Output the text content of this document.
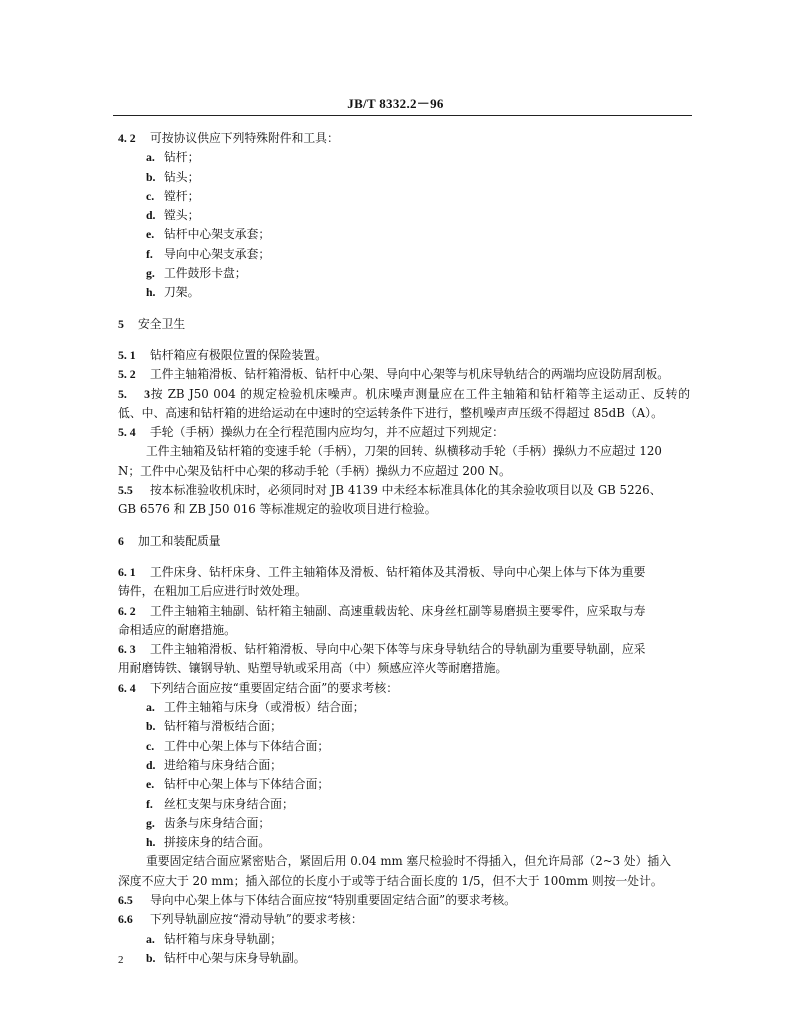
JB/T 8332.2－96
4. 2 可按协议供应下列特殊附件和工具：
a. 钻杆；
b. 钻头；
c. 镗杆；
d. 镗头；
e. 钻杆中心架支承套；
f. 导向中心架支承套；
g. 工件鼓形卡盘；
h. 刀架。
5 安全卫生
5. 1 钻杆箱应有极限位置的保险装置。
5. 2 工件主轴箱滑板、钻杆箱滑板、钻杆中心架、导向中心架等与机床导轨结合的两端均应设防屑刮板。
5. 3按 ZB J50 004 的规定检验机床噪声。机床噪声测量应在工件主轴箱和钻杆箱等主运动正、反转的
低、中、高速和钻杆箱的进给运动在中速时的空运转条件下进行，整机噪声声压级不得超过 85dB（A）。
5. 4 手轮（手柄）操纵力在全行程范围内应均匀，并不应超过下列规定：
工件主轴箱及钻杆箱的变速手轮（手柄），刀架的回转、纵横移动手轮（手柄）操纵力不应超过 120
N；工件中心架及钻杆中心架的移动手轮（手柄）操纵力不应超过 200 N。
5.5 按本标准验收机床时，必须同时对 JB 4139 中未经本标准具体化的其余验收项目以及 GB 5226、
GB 6576 和 ZB J50 016 等标准规定的验收项目进行检验。
6 加工和装配质量
6. 1 工件床身、钻杆床身、工件主轴箱体及滑板、钻杆箱体及其滑板、导向中心架上体与下体为重要
铸件，在粗加工后应进行时效处理。
6. 2 工件主轴箱主轴副、钻杆箱主轴副、高速重载齿轮、床身丝杠副等易磨损主要零件，应采取与寿
命相适应的耐磨措施。
6. 3 工件主轴箱滑板、钻杆箱滑板、导向中心架下体等与床身导轨结合的导轨副为重要导轨副，应采
用耐磨铸铁、镶钢导轨、贴塑导轨或采用高（中）频感应淬火等耐磨措施。
6. 4 下列结合面应按“重要固定结合面”的要求考核：
a. 工件主轴箱与床身（或滑板）结合面；
b. 钻杆箱与滑板结合面；
c. 工件中心架上体与下体结合面；
d. 进给箱与床身结合面；
e. 钻杆中心架上体与下体结合面；
f. 丝杠支架与床身结合面；
g. 齿条与床身结合面；
h. 拼接床身的结合面。
重要固定结合面应紧密贴合，紧固后用 0.04 mm 塞尺检验时不得插入，但允许局部（2~3 处）插入
深度不应大于 20 mm；插入部位的长度小于或等于结合面长度的 1/5，但不大于 100mm 则按一处计。
6.5 导向中心架上体与下体结合面应按“特别重要固定结合面”的要求考核。
6.6 下列导轨副应按“滑动导轨”的要求考核：
a. 钻杆箱与床身导轨副；
b. 钻杆中心架与床身导轨副。
2
